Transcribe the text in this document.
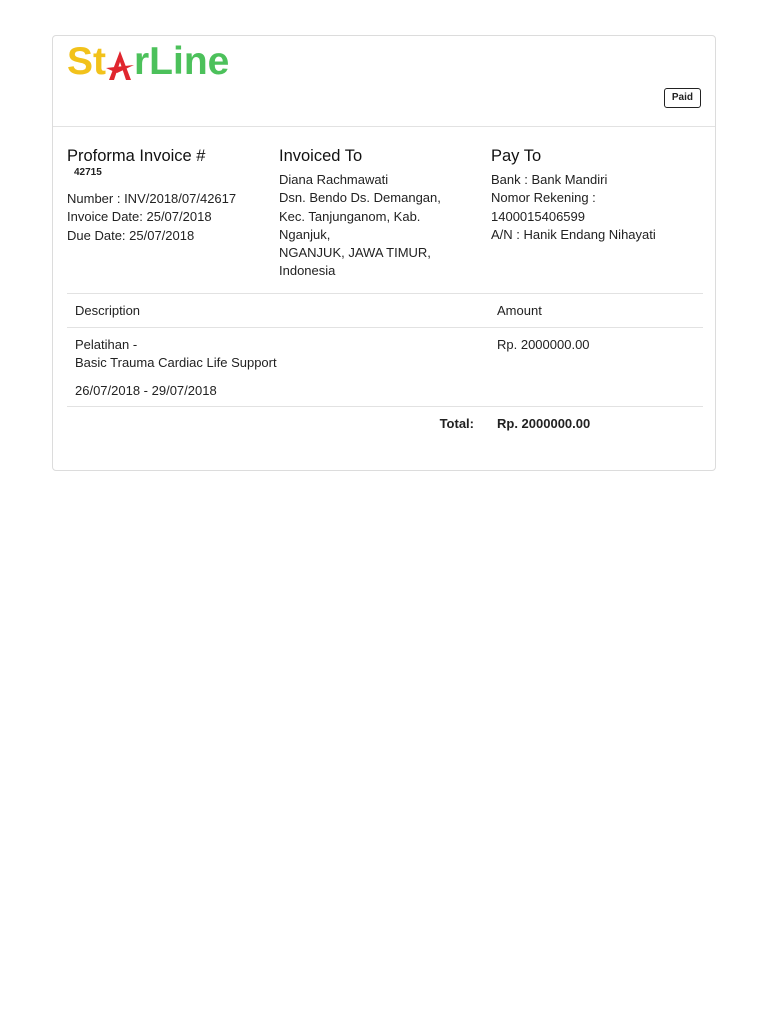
St rLine
Paid
Proforma Invoice #
42715
Number : INV/2018/07/42617
Invoice Date: 25/07/2018
Due Date: 25/07/2018
Invoiced To
Diana Rachmawati
Dsn. Bendo Ds. Demangan,
Kec. Tanjunganom, Kab.
Nganjuk,
NGANJUK, JAWA TIMUR,
Indonesia
Pay To
Bank : Bank Mandiri
Nomor Rekening :
1400015406599
A/N : Hanik Endang Nihayati
Description	Amount
Pelatihan -
Basic Trauma Cardiac Life Support
26/07/2018 - 29/07/2018
Rp. 2000000.00
Total:	Rp. 2000000.00
